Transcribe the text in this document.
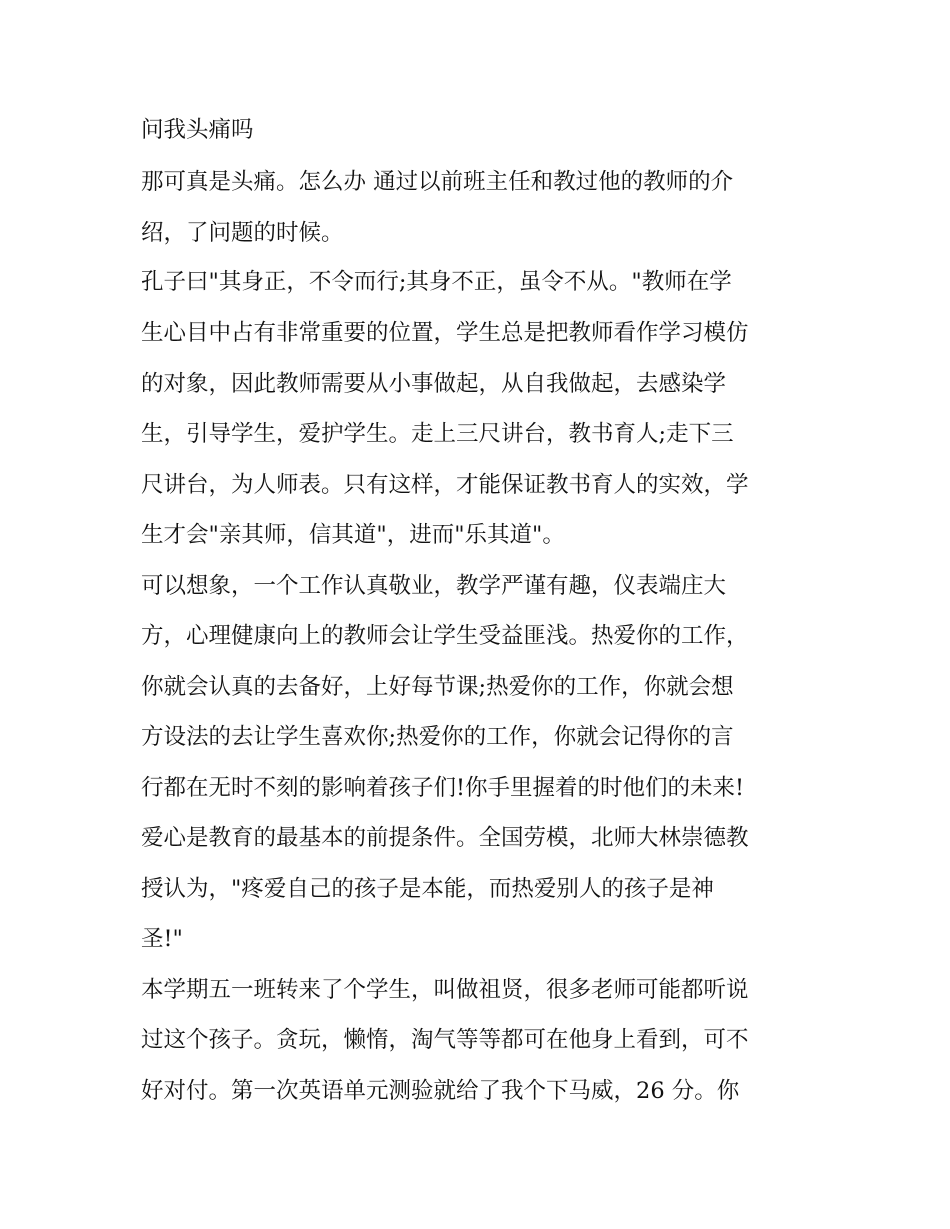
问我头痛吗
那可真是头痛。怎么办 通过以前班主任和教过他的教师的介
绍，了问题的时候。
孔子曰"其身正，不令而行;其身不正，虽令不从。"教师在学
生心目中占有非常重要的位置，学生总是把教师看作学习模仿
的对象，因此教师需要从小事做起，从自我做起，去感染学
生，引导学生，爱护学生。走上三尺讲台，教书育人;走下三
尺讲台，为人师表。只有这样，才能保证教书育人的实效，学
生才会"亲其师，信其道"，进而"乐其道"。
可以想象，一个工作认真敬业，教学严谨有趣，仪表端庄大
方，心理健康向上的教师会让学生受益匪浅。热爱你的工作，
你就会认真的去备好，上好每节课;热爱你的工作，你就会想
方设法的去让学生喜欢你;热爱你的工作，你就会记得你的言
行都在无时不刻的影响着孩子们!你手里握着的时他们的未来!
爱心是教育的最基本的前提条件。全国劳模，北师大林崇德教
授认为，"疼爱自己的孩子是本能，而热爱别人的孩子是神
圣!"
本学期五一班转来了个学生，叫做祖贤，很多老师可能都听说
过这个孩子。贪玩，懒惰，淘气等等都可在他身上看到，可不
好对付。第一次英语单元测验就给了我个下马威，26 分。你
